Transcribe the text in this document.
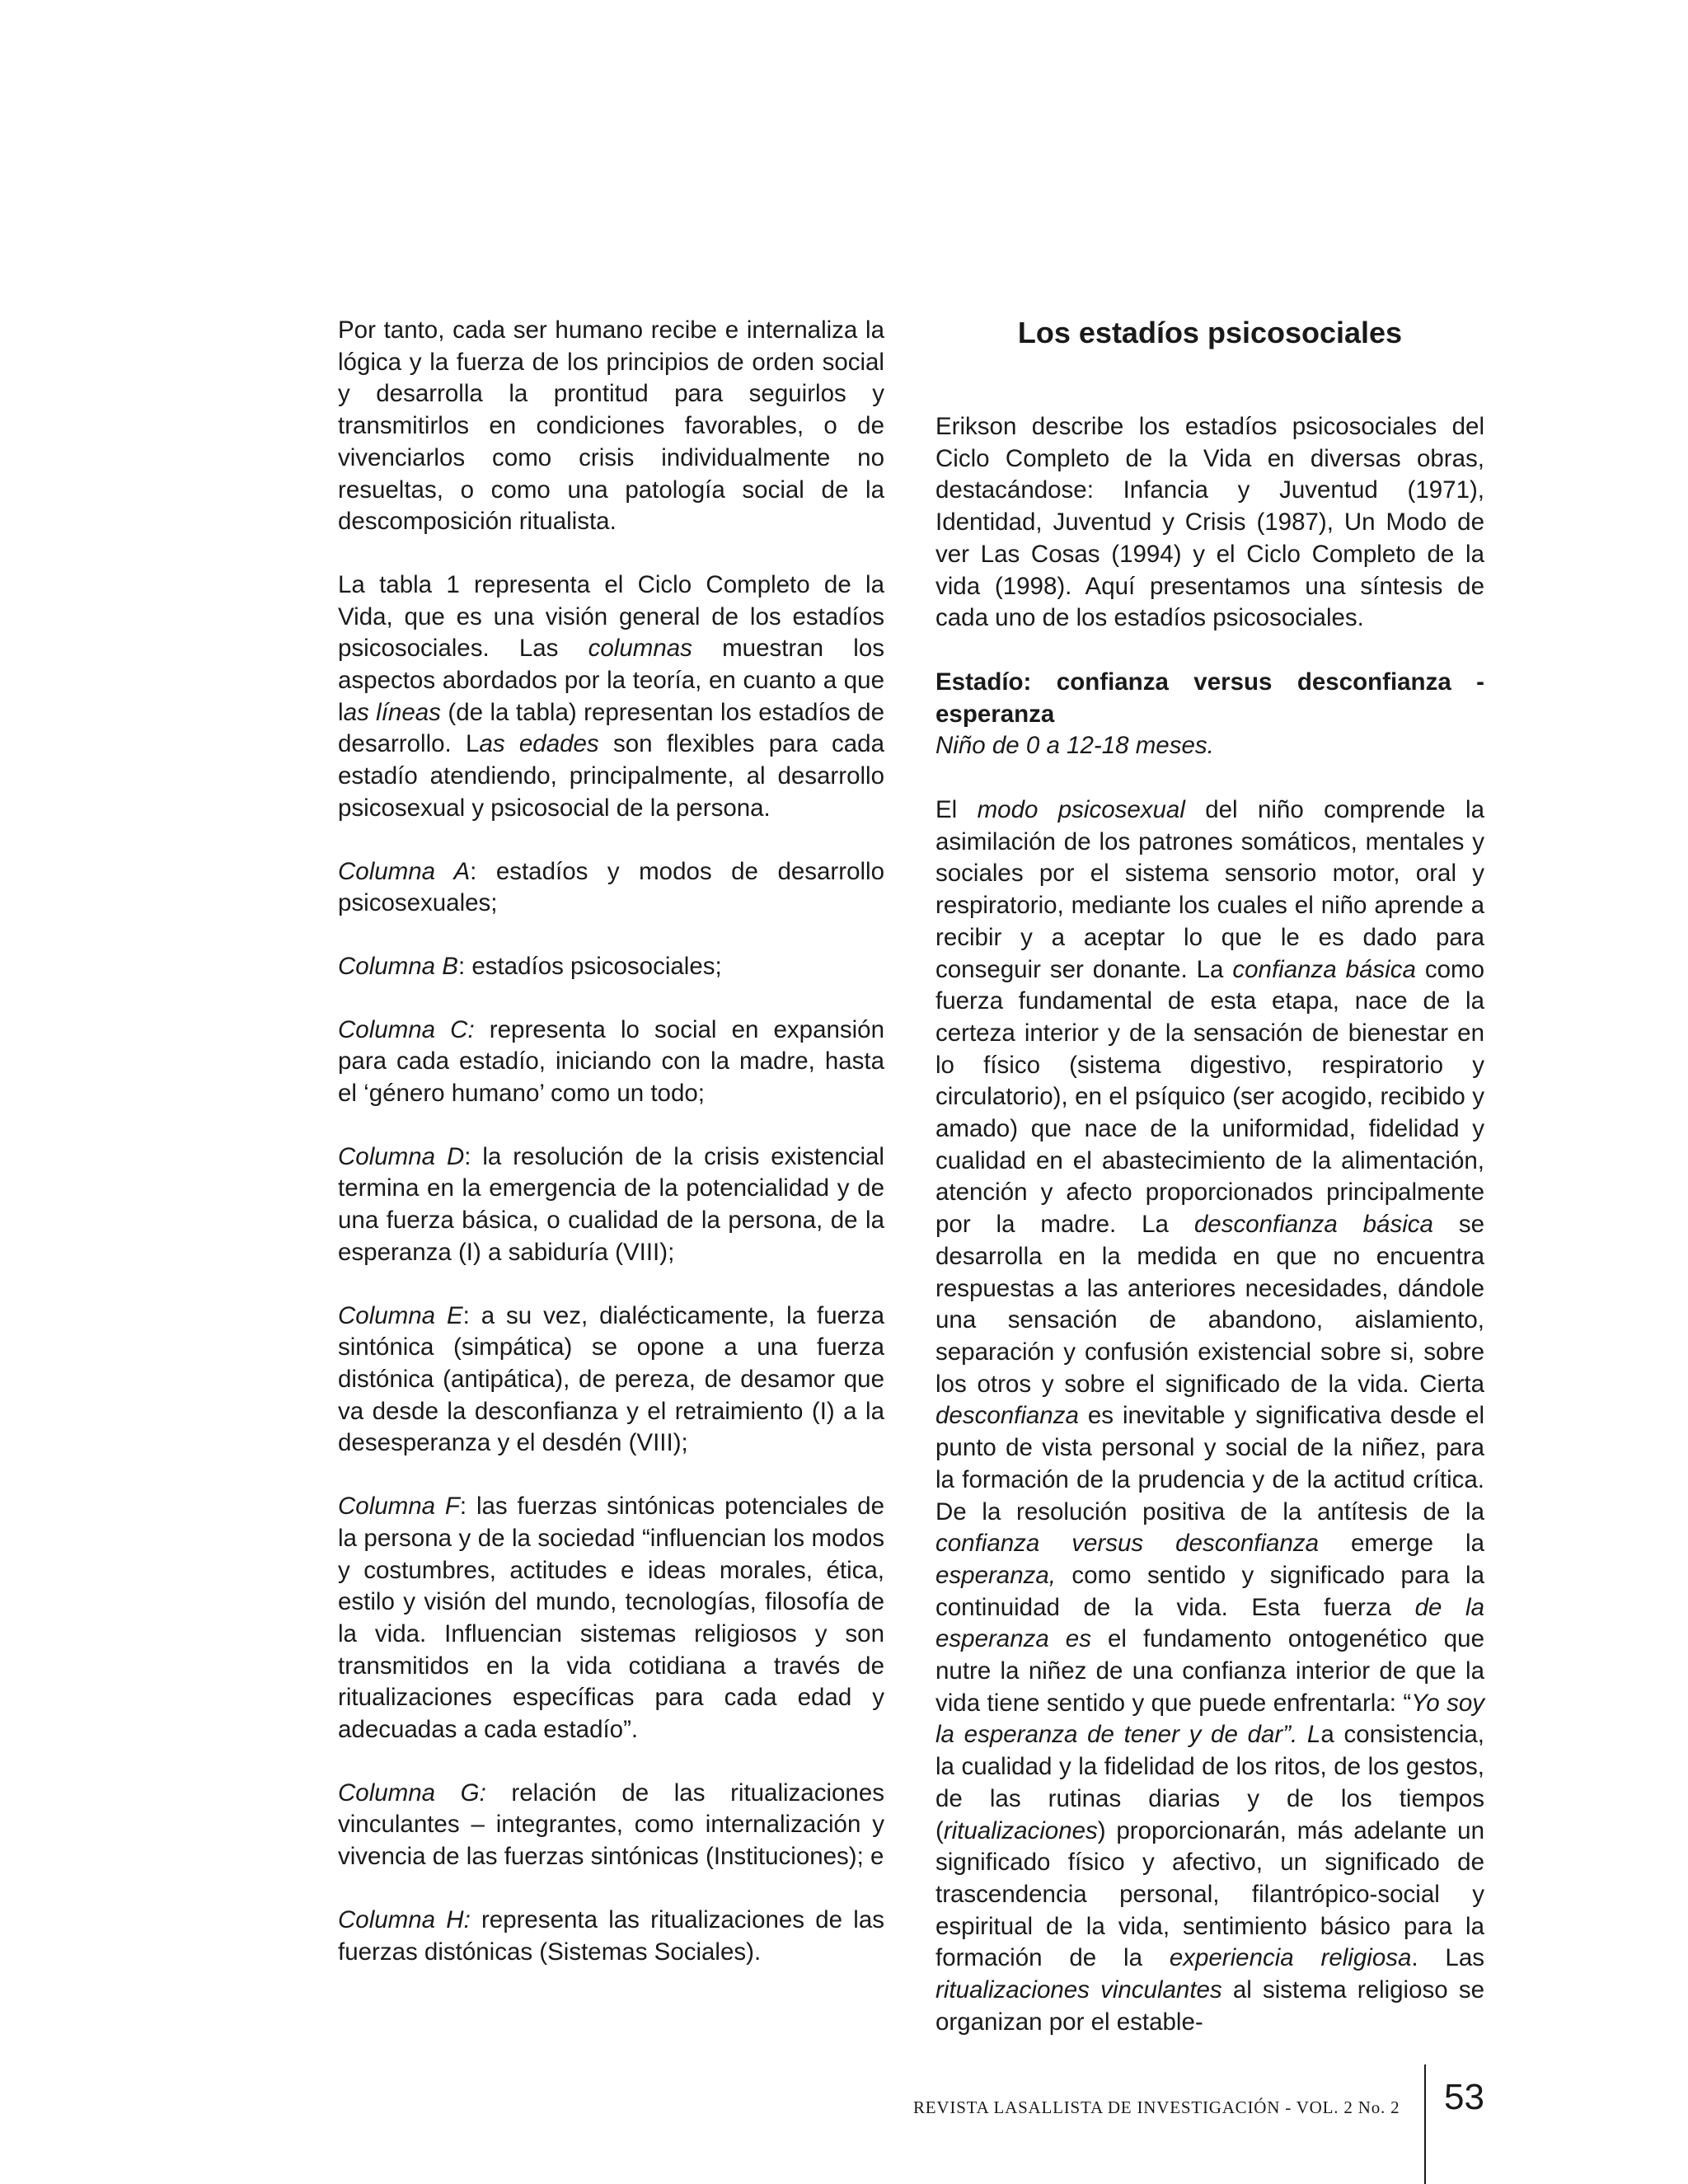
Por tanto, cada ser humano recibe e internaliza la lógica y la fuerza de los principios de orden social y desarrolla la prontitud para seguirlos y transmitirlos en condiciones favorables, o de vivenciarlos como crisis individualmente no resueltas, o como una patología social de la descomposición ritualista.

La tabla 1 representa el Ciclo Completo de la Vida, que es una visión general de los estadíos psicosociales. Las columnas muestran los aspectos abordados por la teoría, en cuanto a que las líneas (de la tabla) representan los estadíos de desarrollo. Las edades son flexibles para cada estadío atendiendo, principalmente, al desarrollo psicosexual y psicosocial de la persona.

Columna A: estadíos y modos de desarrollo psicosexuales;

Columna B: estadíos psicosociales;

Columna C: representa lo social en expansión para cada estadío, iniciando con la madre, hasta el ‘género humano’ como un todo;

Columna D: la resolución de la crisis existencial termina en la emergencia de la potencialidad y de una fuerza básica, o cualidad de la persona, de la esperanza (I) a sabiduría (VIII);

Columna E: a su vez, dialécticamente, la fuerza sintónica (simpática) se opone a una fuerza distónica (antipática), de pereza, de desamor que va desde la desconfianza y el retraimiento (I) a la desesperanza y el desdén (VIII);

Columna F: las fuerzas sintónicas potenciales de la persona y de la sociedad “influencian los modos y costumbres, actitudes e ideas morales, ética, estilo y visión del mundo, tecnologías, filosofía de la vida. Influencian sistemas religiosos y son transmitidos en la vida cotidiana a través de ritualizaciones específicas para cada edad y adecuadas a cada estadío”.

Columna G: relación de las ritualizaciones vinculantes – integrantes, como internalización y vivencia de las fuerzas sintónicas (Instituciones); e

Columna H: representa las ritualizaciones de las fuerzas distónicas (Sistemas Sociales).

Los estadíos psicosociales

Erikson describe los estadíos psicosociales del Ciclo Completo de la Vida en diversas obras, destacándose: Infancia y Juventud (1971), Identidad, Juventud y Crisis (1987), Un Modo de ver Las Cosas (1994) y el Ciclo Completo de la vida (1998). Aquí presentamos una síntesis de cada uno de los estadíos psicosociales.

Estadío: confianza versus desconfianza - esperanza

Niño de 0 a 12-18 meses.

El modo psicosexual del niño comprende la asimilación de los patrones somáticos, mentales y sociales por el sistema sensorio motor, oral y respiratorio, mediante los cuales el niño aprende a recibir y a aceptar lo que le es dado para conseguir ser donante. La confianza básica como fuerza fundamental de esta etapa, nace de la certeza interior y de la sensación de bienestar en lo físico (sistema digestivo, respiratorio y circulatorio), en el psíquico (ser acogido, recibido y amado) que nace de la uniformidad, fidelidad y cualidad en el abastecimiento de la alimentación, atención y afecto proporcionados principalmente por la madre. La desconfianza básica se desarrolla en la medida en que no encuentra respuestas a las anteriores necesidades, dándole una sensación de abandono, aislamiento, separación y confusión existencial sobre si, sobre los otros y sobre el significado de la vida. Cierta desconfianza es inevitable y significativa desde el punto de vista personal y social de la niñez, para la formación de la prudencia y de la actitud crítica. De la resolución positiva de la antítesis de la confianza versus desconfianza emerge la esperanza, como sentido y significado para la continuidad de la vida. Esta fuerza de la esperanza es el fundamento ontogenético que nutre la niñez de una confianza interior de que la vida tiene sentido y que puede enfrentarla: “Yo soy la esperanza de tener y de dar”. La consistencia, la cualidad y la fidelidad de los ritos, de los gestos, de las rutinas diarias y de los tiempos (ritualizaciones) proporcionarán, más adelante un significado físico y afectivo, un significado de trascendencia personal, filantrópico-social y espiritual de la vida, sentimiento básico para la formación de la experiencia religiosa. Las ritualizaciones vinculantes al sistema religioso se organizan por el estable-

REVISTA LASALLISTA DE INVESTIGACIÓN - VOL. 2 No. 2	53
